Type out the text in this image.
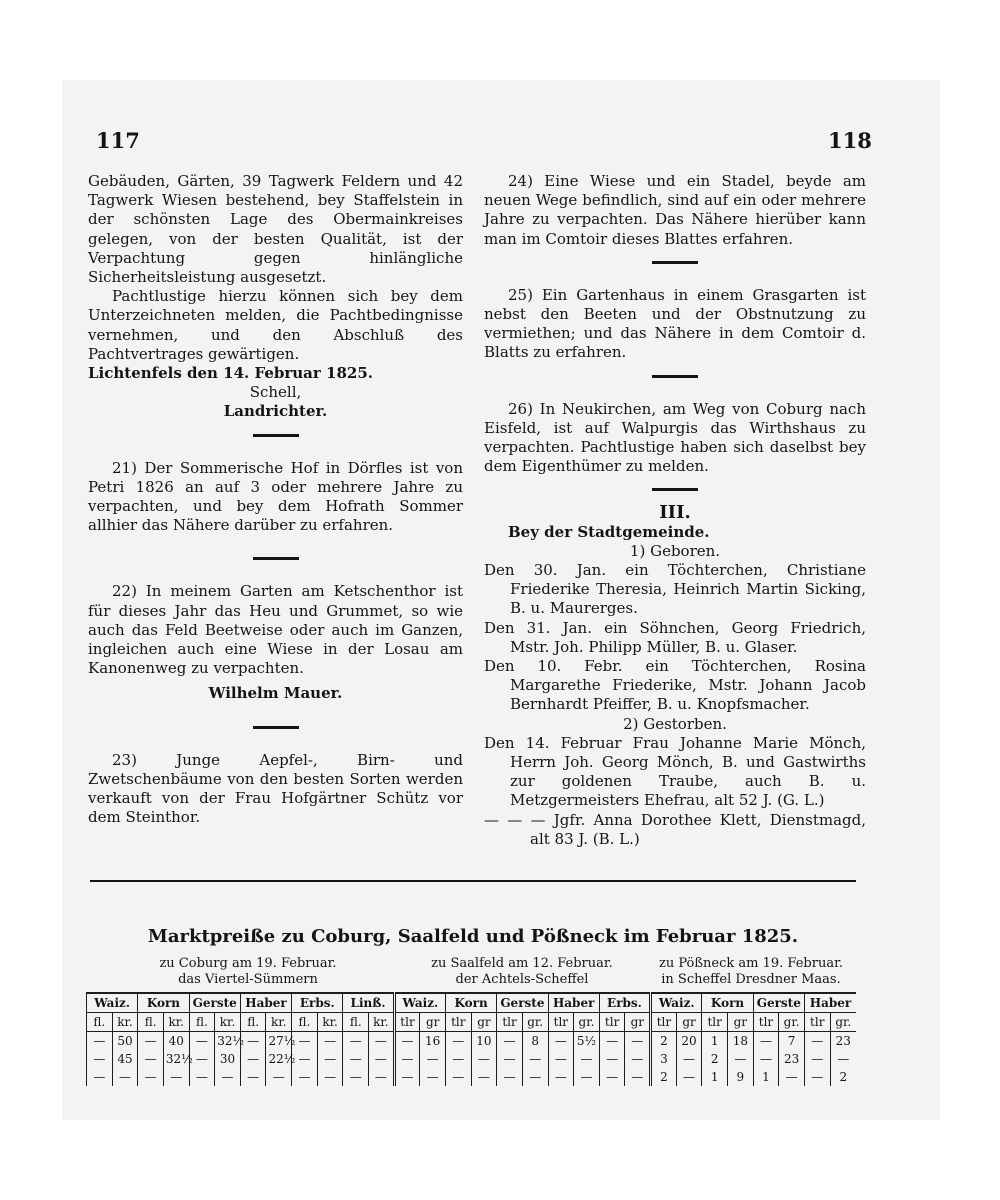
117	118

Gebäuden, Gärten, 39 Tagwerk Feldern und 42 Tagwerk Wiesen bestehend, bey Staffelstein in der schönsten Lage des Obermainkreises gelegen, von der besten Qualität, ist der Verpachtung gegen hinlängliche Sicherheitsleistung ausgesetzt.

Pachtlustige hierzu können sich bey dem Unterzeichneten melden, die Pachtbedingnisse vernehmen, und den Abschluß des Pachtvertrages gewärtigen.

Lichtenfels den 14. Februar 1825.

Schell,

Landrichter.

21) Der Sommerische Hof in Dörfles ist von Petri 1826 an auf 3 oder mehrere Jahre zu verpachten, und bey dem Hofrath Sommer allhier das Nähere darüber zu erfahren.

22) In meinem Garten am Ketschenthor ist für dieses Jahr das Heu und Grummet, so wie auch das Feld Beetweise oder auch im Ganzen, ingleichen auch eine Wiese in der Losau am Kanonenweg zu verpachten.

Wilhelm Mauer.

23) Junge Aepfel-, Birn- und Zwetschenbäume von den besten Sorten werden verkauft von der Frau Hofgärtner Schütz vor dem Steinthor.

24) Eine Wiese und ein Stadel, beyde am neuen Wege befindlich, sind auf ein oder mehrere Jahre zu verpachten. Das Nähere hierüber kann man im Comtoir dieses Blattes erfahren.

25) Ein Gartenhaus in einem Grasgarten ist nebst den Beeten und der Obstnutzung zu vermiethen; und das Nähere in dem Comtoir d. Blatts zu erfahren.

26) In Neukirchen, am Weg von Coburg nach Eisfeld, ist auf Walpurgis das Wirthshaus zu verpachten. Pachtlustige haben sich daselbst bey dem Eigenthümer zu melden.

III.

Bey der Stadtgemeinde.

1) Geboren.

Den 30. Jan. ein Töchterchen, Christiane Friederike Theresia, Heinrich Martin Sicking, B. u. Maurerges.

Den 31. Jan. ein Söhnchen, Georg Friedrich, Mstr. Joh. Philipp Müller, B. u. Glaser.

Den 10. Febr. ein Töchterchen, Rosina Margarethe Friederike, Mstr. Johann Jacob Bernhardt Pfeiffer, B. u. Knopfsmacher.

2) Gestorben.

Den 14. Februar Frau Johanne Marie Mönch, Herrn Joh. Georg Mönch, B. und Gastwirths zur goldenen Traube, auch B. u. Metzgermeisters Ehefrau, alt 52 J. (G. L.)

— — — Jgfr. Anna Dorothee Klett, Dienstmagd, alt 83 J. (B. L.)

Marktpreiße zu Coburg, Saalfeld und Pößneck im Februar 1825.
zu Coburg am 19. Februar.
das Viertel-Sümmern
zu Saalfeld am 12. Februar.
der Achtels-Scheffel
zu Pößneck am 19. Februar.
in Scheffel Dresdner Maas.
Waiz.		Korn		Gerste		Haber		Erbs.		Linß.		Waiz.		Korn		Gerste		Haber		Erbs.		Waiz.		Korn		Gerste		Haber	
fl.	kr.	fl.	kr.	fl.	kr.	fl.	kr.	fl.	kr.	fl.	kr.	tlr	gr	tlr	gr	tlr	gr.	tlr	gr.	tlr	gr	tlr	gr	tlr	gr	tlr	gr.	tlr	gr.
—	50	—	40	—	32½	—	27½	—	—	—	—	—	16	—	10	—	8	—	5½	—	—	2	20	1	18	—	7	—	23
—	45	—	32½	—	30	—	22½	—	—	—	—	—	—	—	—	—	—	—	—	—	—	3	—	2	—	—	23	—	—
—	—	—	—	—	—	—	—	—	—	—	—	—	—	—	—	—	—	—	—	—	—	2	—	1	9	1	—	—	2
